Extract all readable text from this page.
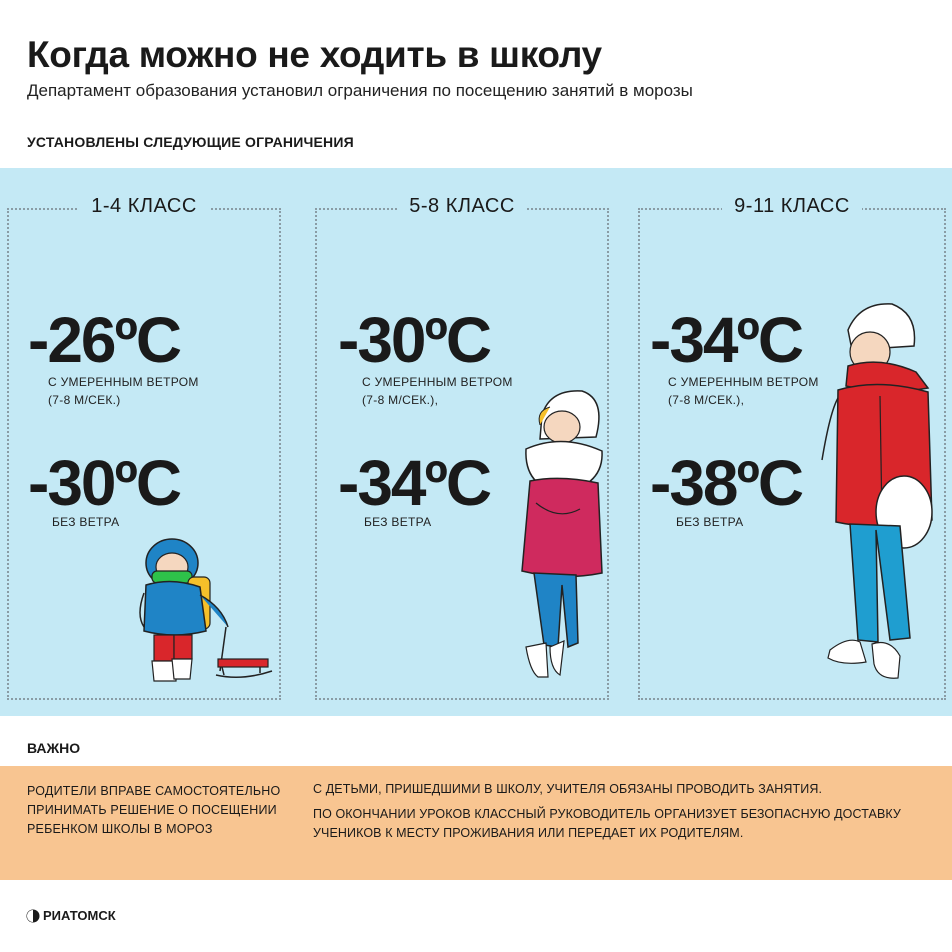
Когда можно не ходить в школу
Департамент образования установил ограничения по посещению занятий в морозы
УСТАНОВЛЕНЫ СЛЕДУЮЩИЕ ОГРАНИЧЕНИЯ
1-4 КЛАСС
-26ºC
С УМЕРЕННЫМ ВЕТРОМ
(7-8 М/СЕК.)
-30ºC
БЕЗ ВЕТРА
5-8 КЛАСС
-30ºC
С УМЕРЕННЫМ ВЕТРОМ
(7-8 М/СЕК.),
-34ºC
БЕЗ ВЕТРА
9-11 КЛАСС
-34ºC
С УМЕРЕННЫМ ВЕТРОМ
(7-8 М/СЕК.),
-38ºC
БЕЗ ВЕТРА
ВАЖНО
РОДИТЕЛИ ВПРАВЕ САМОСТОЯТЕЛЬНО ПРИНИМАТЬ РЕШЕНИЕ О ПОСЕЩЕНИИ РЕБЕНКОМ ШКОЛЫ В МОРОЗ
С ДЕТЬМИ, ПРИШЕДШИМИ В ШКОЛУ, УЧИТЕЛЯ ОБЯЗАНЫ ПРОВОДИТЬ ЗАНЯТИЯ.
ПО ОКОНЧАНИИ УРОКОВ КЛАССНЫЙ РУКОВОДИТЕЛЬ ОРГАНИЗУЕТ БЕЗОПАСНУЮ ДОСТАВКУ УЧЕНИКОВ К МЕСТУ ПРОЖИВАНИЯ ИЛИ ПЕРЕДАЕТ ИХ РОДИТЕЛЯМ.
РИАТОМСК
